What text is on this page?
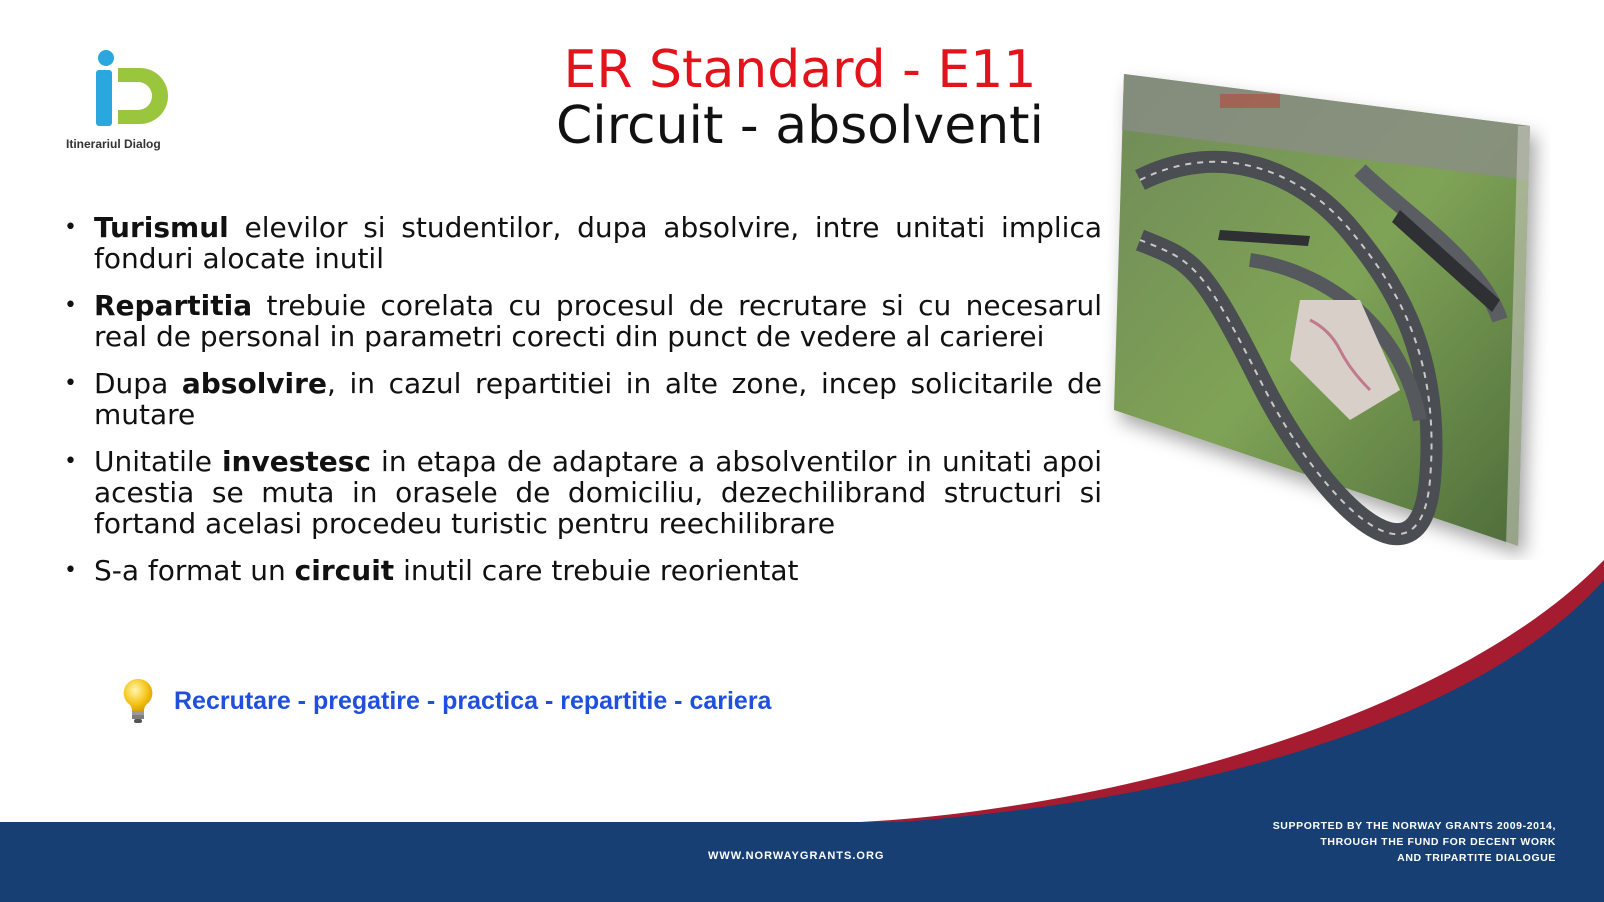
Itinerariul Dialog
ER Standard - E11
Circuit - absolventi
• Turismul elevilor si studentilor, dupa absolvire, intre unitati implica fonduri alocate inutil
• Repartitia trebuie corelata cu procesul de recrutare si cu necesarul real de personal in parametri corecti din punct de vedere al carierei
• Dupa absolvire, in cazul repartitiei in alte zone, incep solicitarile de mutare
• Unitatile investesc in etapa de adaptare a absolventilor in unitati apoi acestia se muta in orasele de domiciliu, dezechilibrand structuri si fortand acelasi procedeu turistic pentru reechilibrare
• S-a format un circuit inutil care trebuie reorientat
Recrutare - pregatire - practica - repartitie - cariera
WWW.NORWAYGRANTS.ORG
SUPPORTED BY THE NORWAY GRANTS 2009-2014,
THROUGH THE FUND FOR DECENT WORK
AND TRIPARTITE DIALOGUE
